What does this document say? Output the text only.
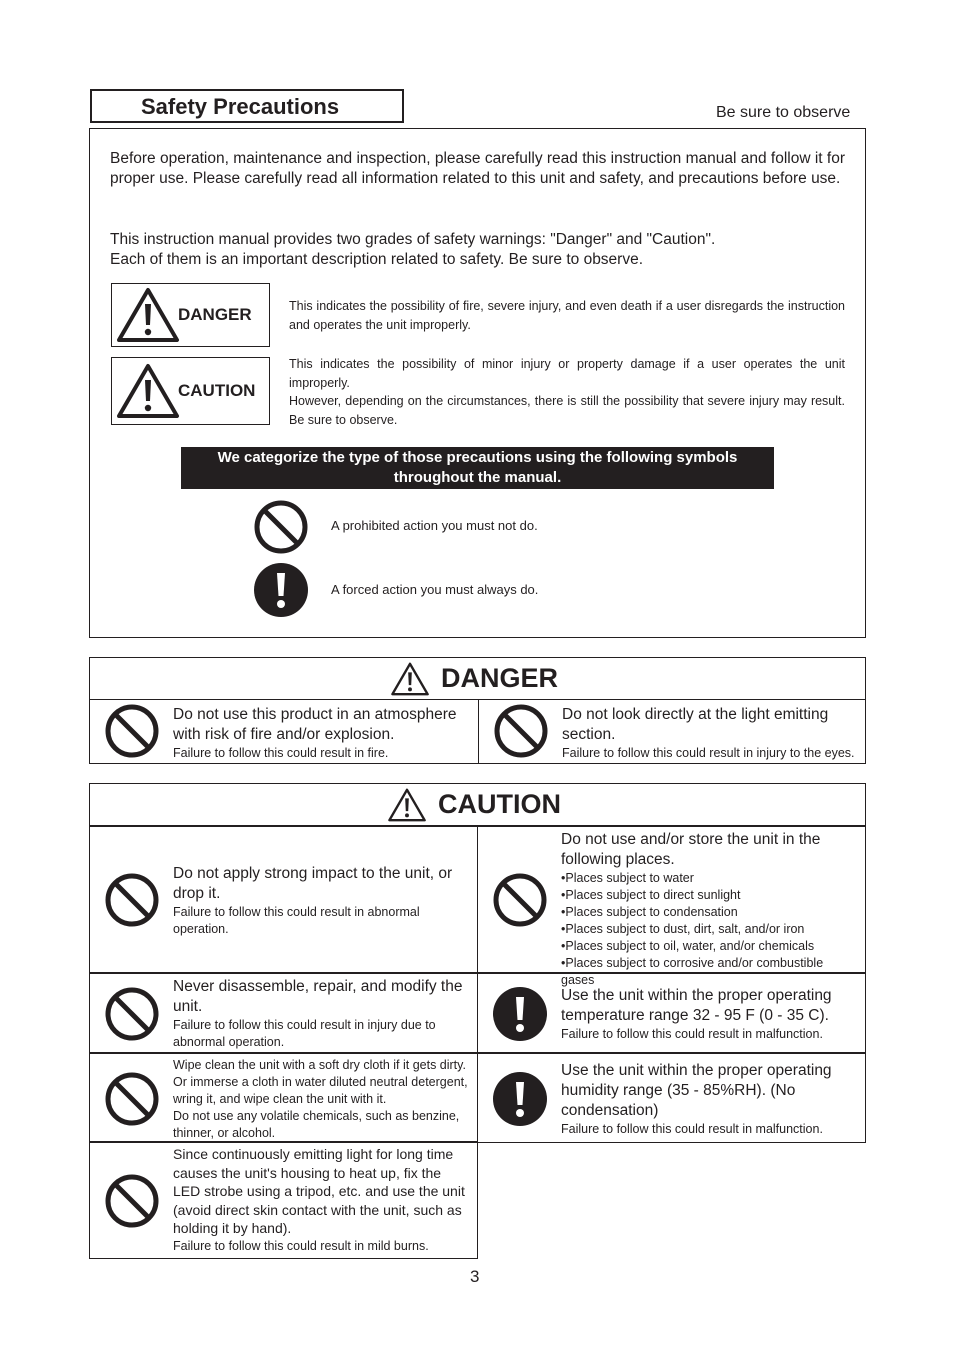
Safety Precautions	Be sure to observe
Before operation, maintenance and inspection, please carefully read this instruction manual and follow it for proper use. Please carefully read all information related to this unit and safety, and precautions before use.
This instruction manual provides two grades of safety warnings: "Danger" and "Caution".
Each of them is an important description related to safety. Be sure to observe.
DANGER	This indicates the possibility of fire, severe injury, and even death if a user disregards the instruction and operates the unit improperly.
CAUTION
This indicates the possibility of minor injury or property damage if a user operates the unit improperly.
However, depending on the circumstances, there is still the possibility that severe injury may result. Be sure to observe.
We categorize the type of those precautions using the following symbols
throughout the manual.
A prohibited action you must not do.
A forced action you must always do.
DANGER
Do not use this product in an atmosphere with risk of fire and/or explosion.
Failure to follow this could result in fire.
Do not look directly at the light emitting section.
Failure to follow this could result in injury to the eyes.
CAUTION
Do not apply strong impact to the unit, or drop it.
Failure to follow this could result in abnormal operation.
Do not use and/or store the unit in the following places.
•Places subject to water
•Places subject to direct sunlight
•Places subject to condensation
•Places subject to dust, dirt, salt, and/or iron
•Places subject to oil, water, and/or chemicals
•Places subject to corrosive and/or combustible gases
Never disassemble, repair, and modify the unit.
Failure to follow this could result in injury due to abnormal operation.
Use the unit within the proper operating temperature range 32 - 95 F (0 - 35 C).
Failure to follow this could result in malfunction.
Wipe clean the unit with a soft dry cloth if it gets dirty. Or immerse a cloth in water diluted neutral detergent, wring it, and wipe clean the unit with it.
Do not use any volatile chemicals, such as benzine, thinner, or alcohol.
Use the unit within the proper operating humidity range (35 - 85%RH). (No condensation)
Failure to follow this could result in malfunction.
Since continuously emitting light for long time causes the unit's housing to heat up, fix the LED strobe using a tripod, etc. and use the unit (avoid direct skin contact with the unit, such as holding it by hand).
Failure to follow this could result in mild burns.
3
